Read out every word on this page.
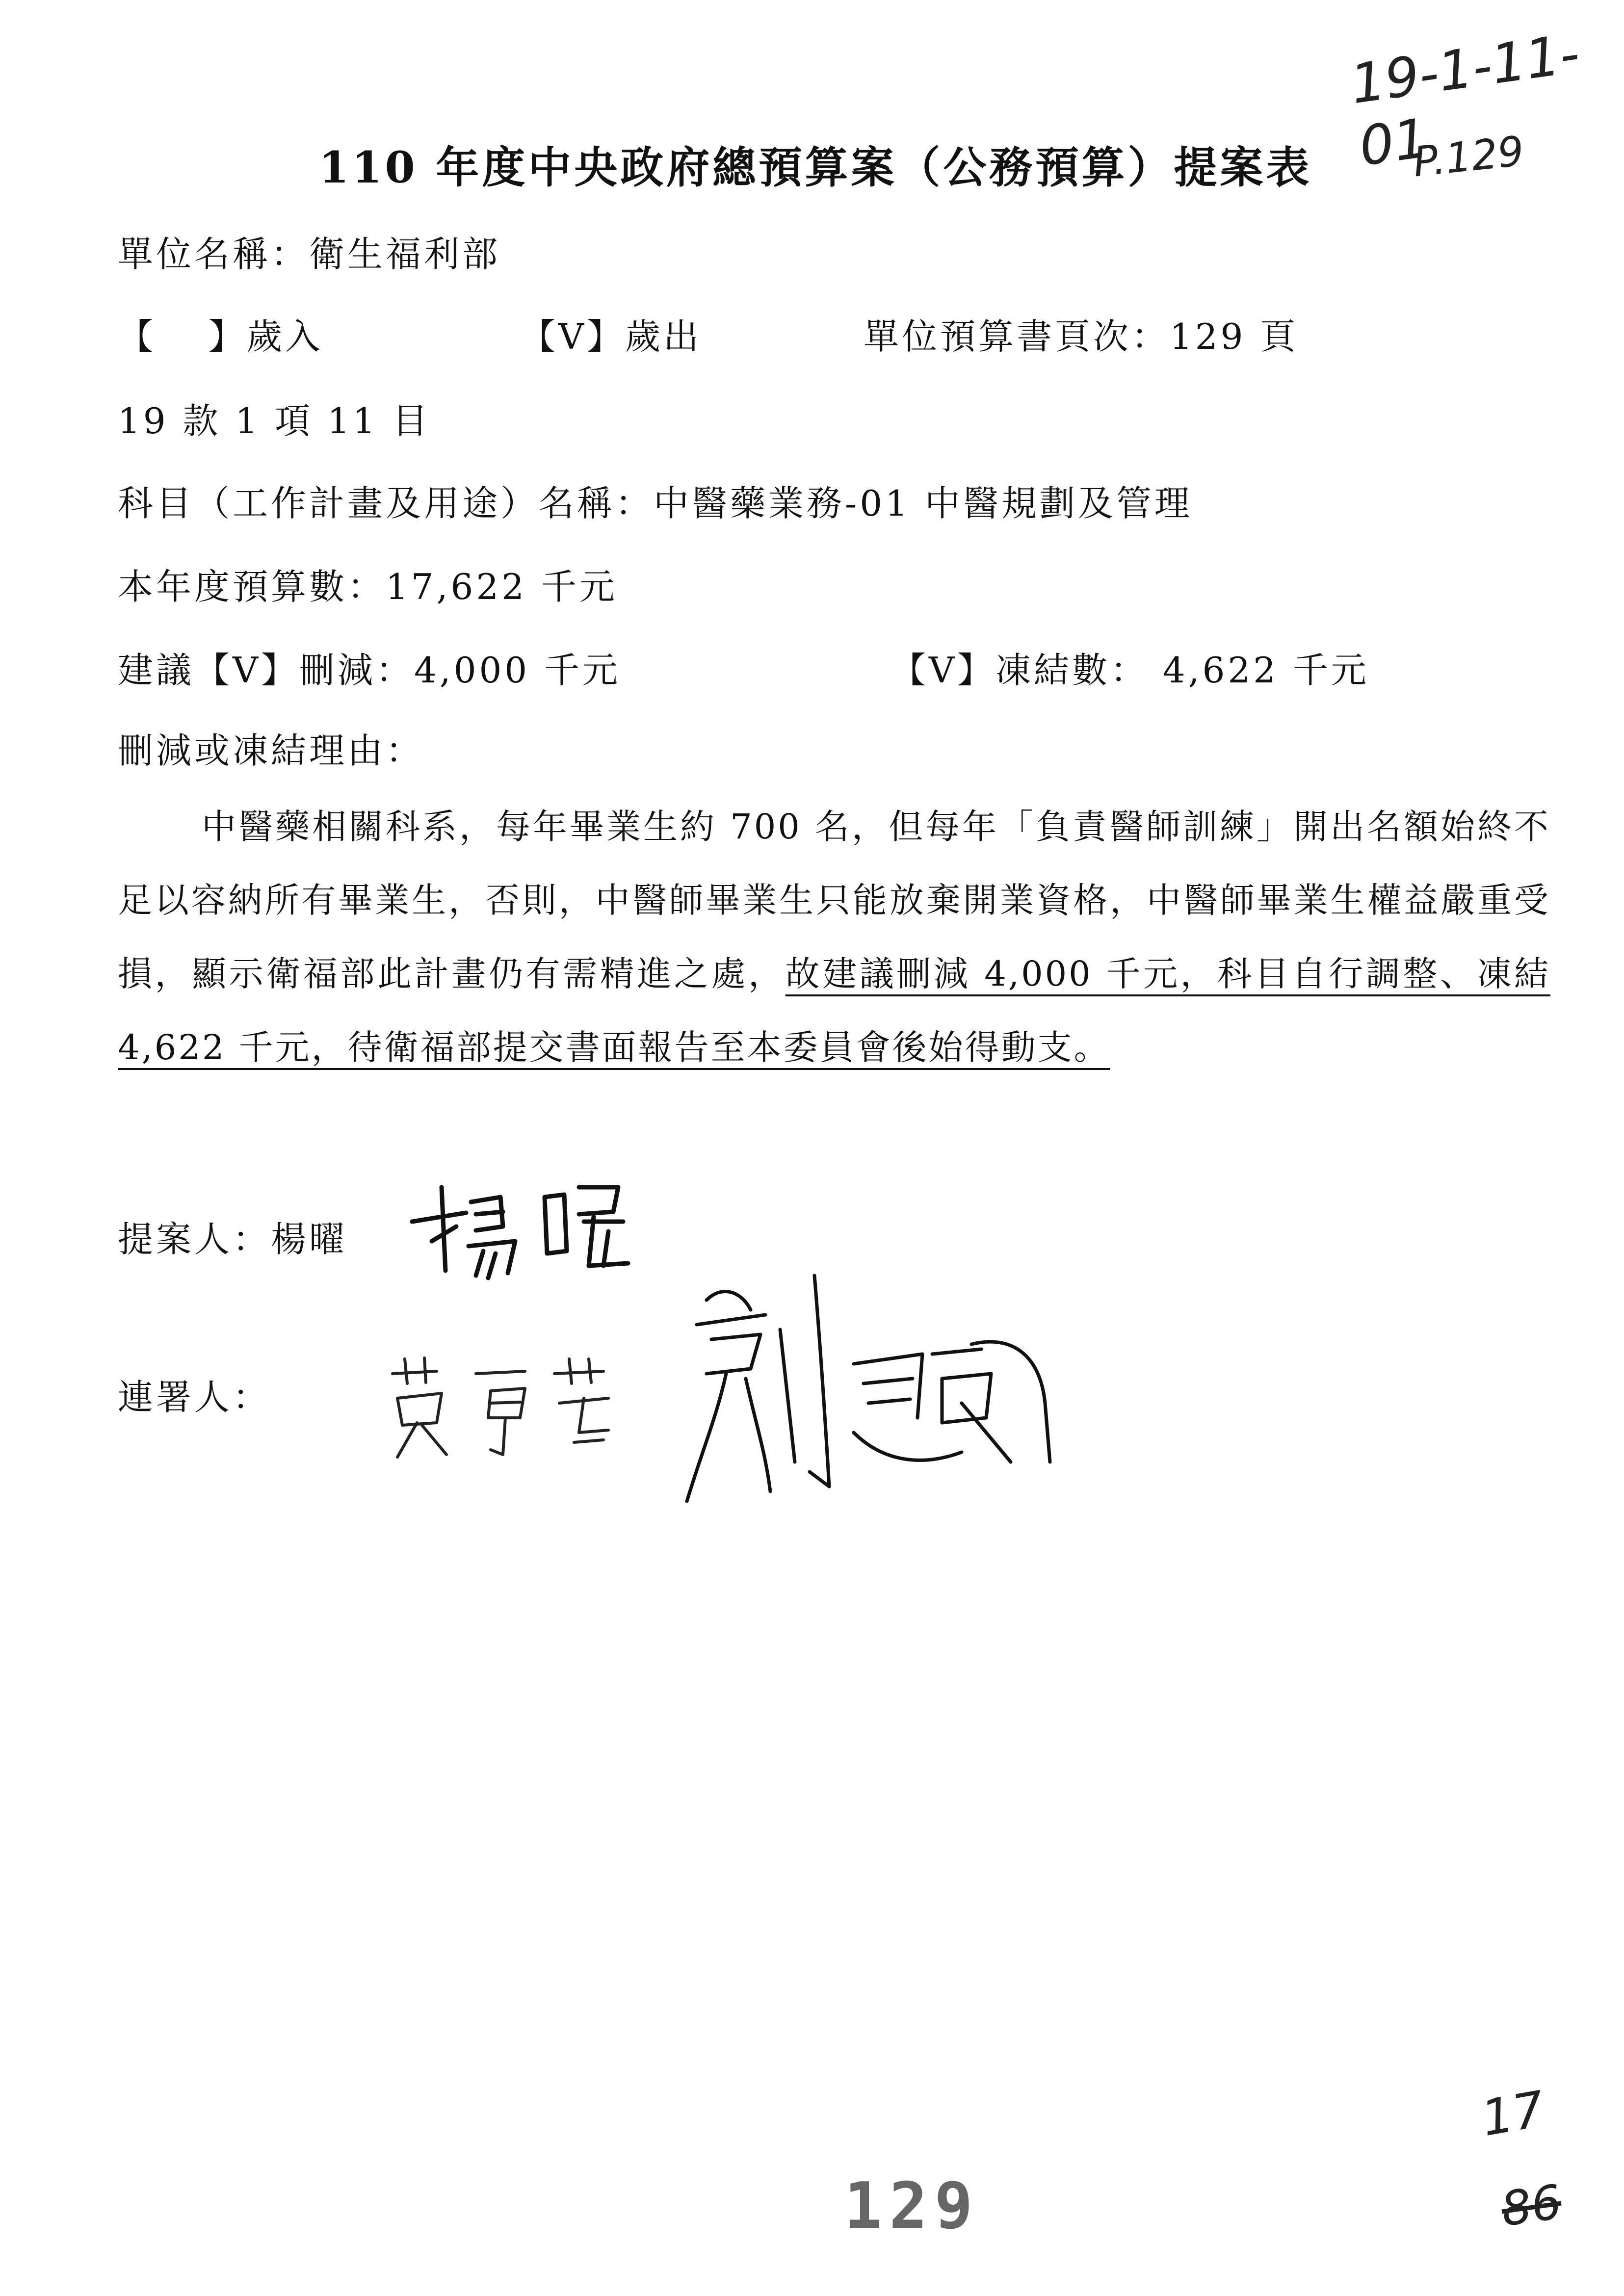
19-1-11-01
P.129
110 年度中央政府總預算案（公務預算）提案表
單位名稱：衛生福利部
【　 】歲入	【V】歲出	單位預算書頁次：129 頁
19 款 1 項 11 目
科目（工作計畫及用途）名稱：中醫藥業務-01 中醫規劃及管理
本年度預算數：17,622 千元
建議【V】刪減：4,000 千元	【V】凍結數： 4,622 千元
刪減或凍結理由：
中醫藥相關科系，每年畢業生約 700 名，但每年「負責醫師訓練」開出名額始終不足以容納所有畢業生，否則，中醫師畢業生只能放棄開業資格，中醫師畢業生權益嚴重受損，顯示衛福部此計畫仍有需精進之處，故建議刪減 4,000 千元，科目自行調整、凍結 4,622 千元，待衛福部提交書面報告至本委員會後始得動支。
提案人：楊曜
連署人：
129
17
86
